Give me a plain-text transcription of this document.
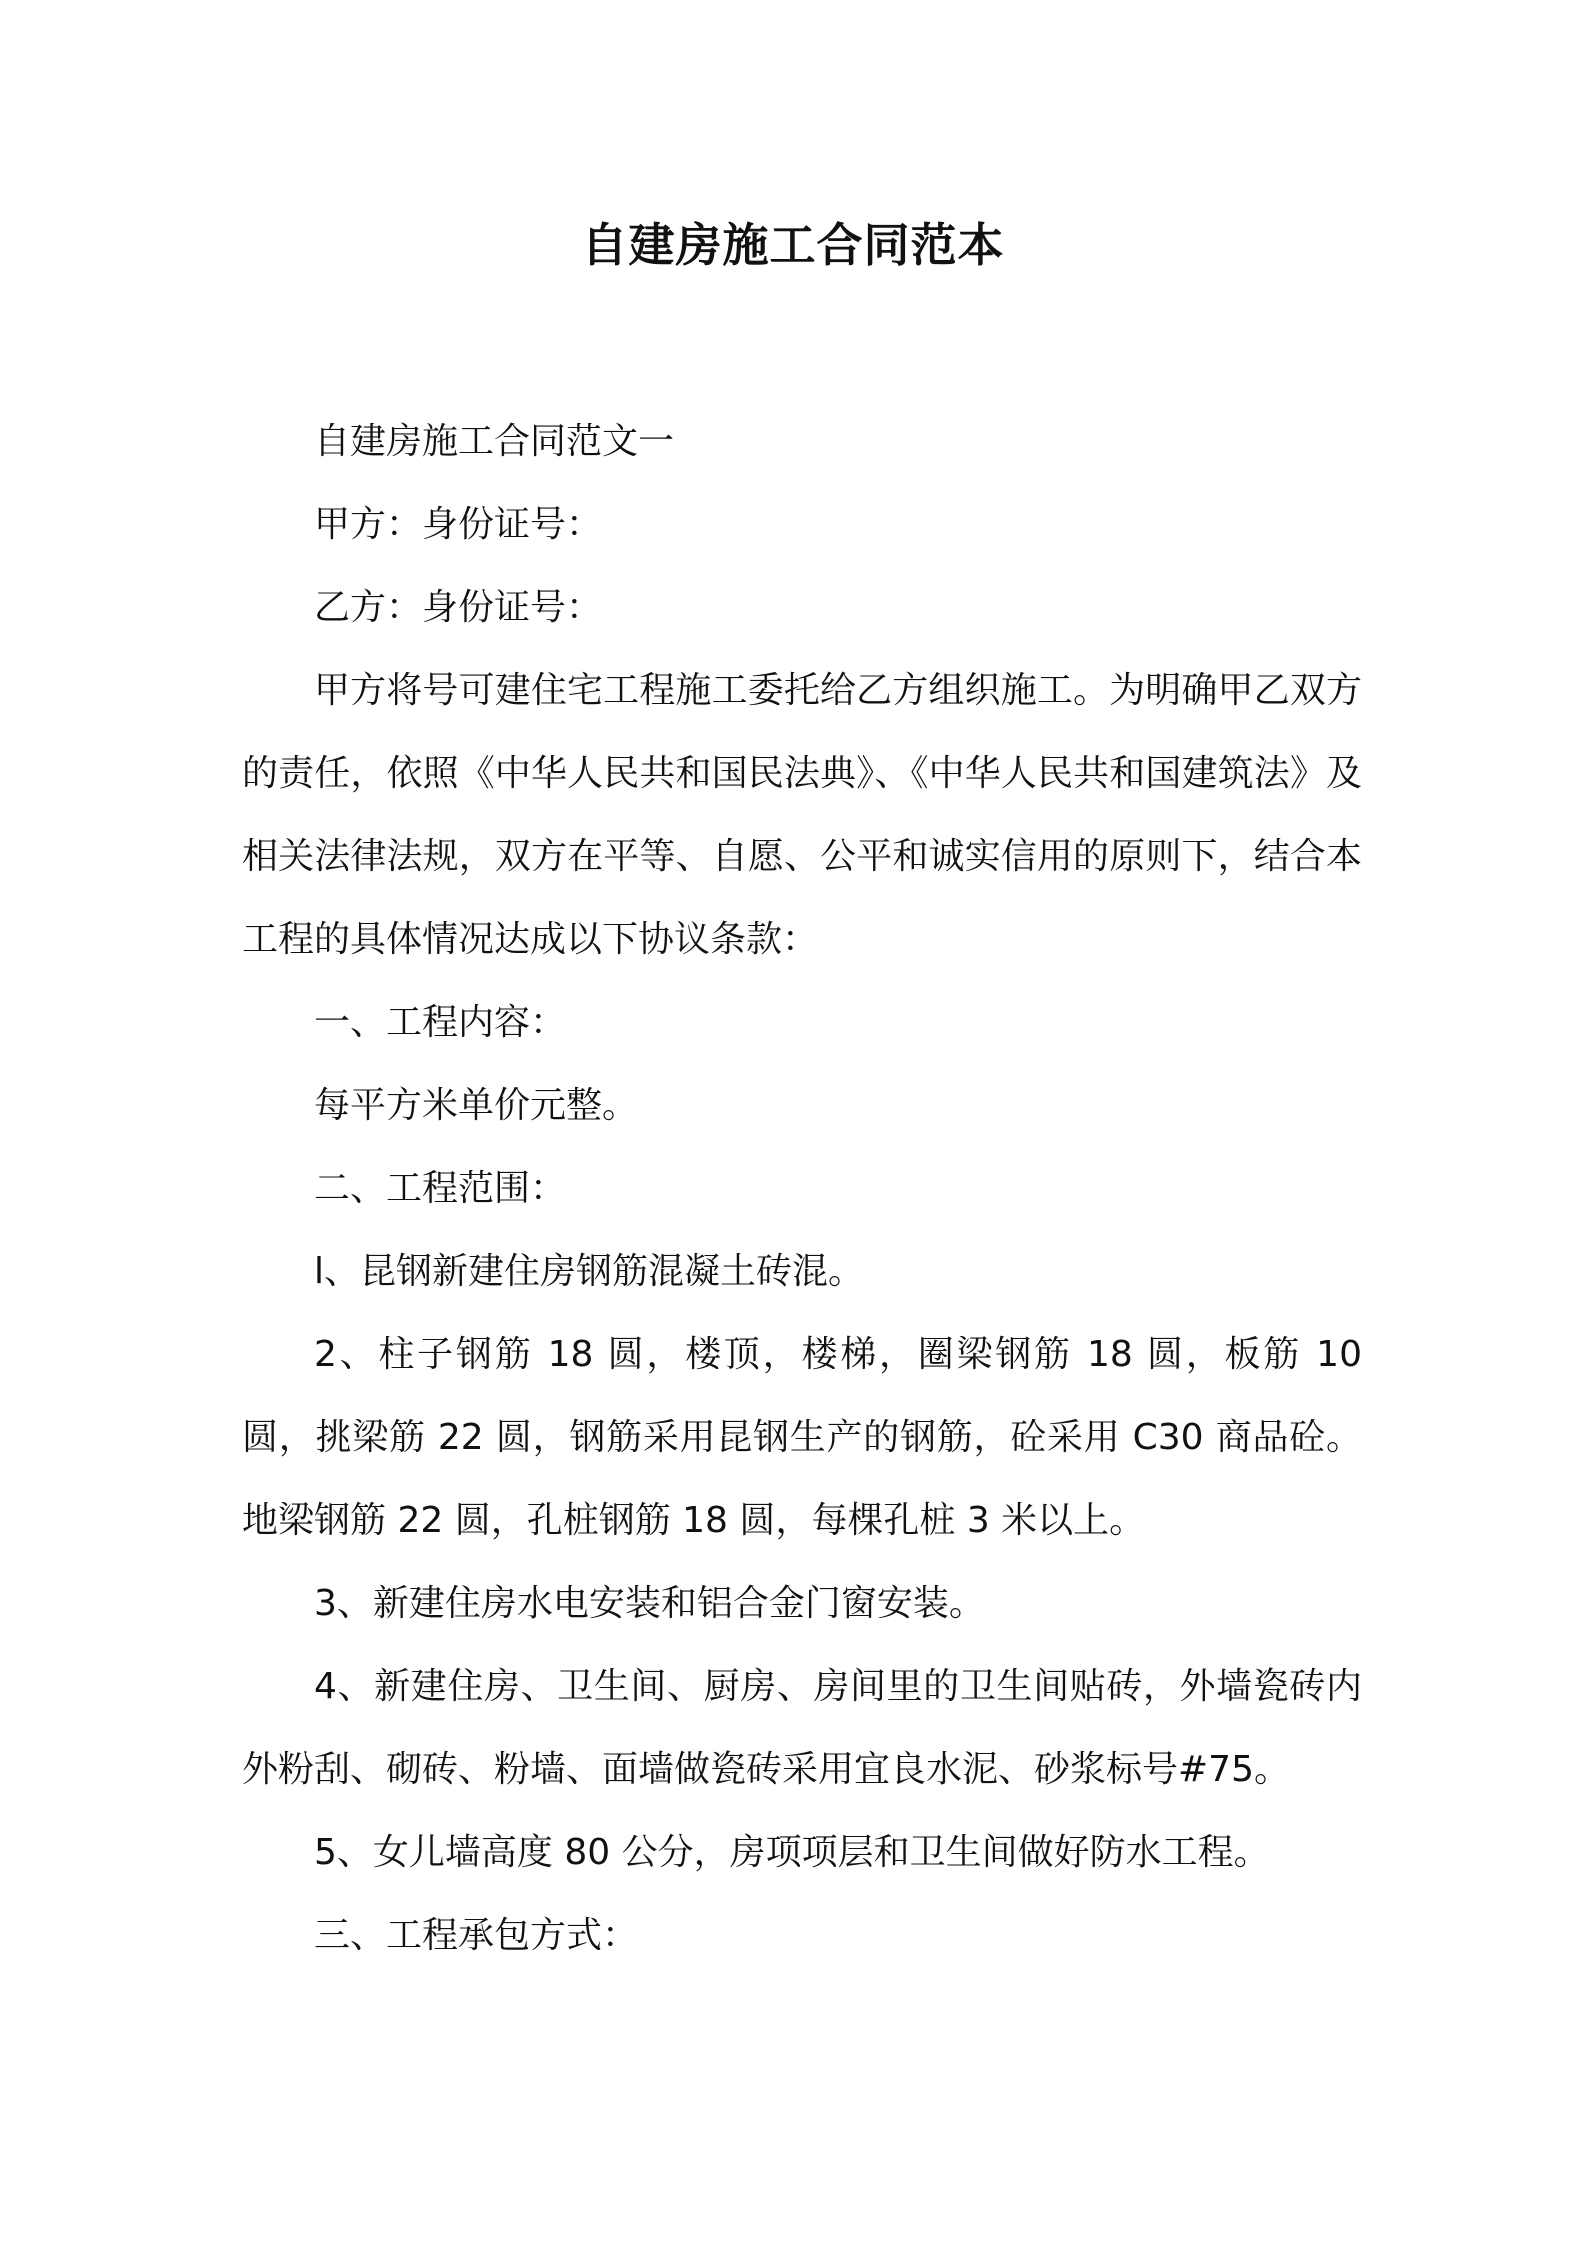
自建房施工合同范本

自建房施工合同范文一

甲方：身份证号：

乙方：身份证号：

甲方将号可建住宅工程施工委托给乙方组织施工。为明确甲乙双方的责任，依照《中华人民共和国民法典》、《中华人民共和国建筑法》及相关法律法规，双方在平等、自愿、公平和诚实信用的原则下，结合本工程的具体情况达成以下协议条款：

一、工程内容：

每平方米单价元整。

二、工程范围：

l、昆钢新建住房钢筋混凝土砖混。

2、柱子钢筋 18 圆，楼顶，楼梯，圈梁钢筋 18 圆，板筋 10 圆，挑梁筋 22 圆，钢筋采用昆钢生产的钢筋，砼采用 C30 商品砼。地梁钢筋 22 圆，孔桩钢筋 18 圆，每棵孔桩 3 米以上。

3、新建住房水电安装和铝合金门窗安装。

4、新建住房、卫生间、厨房、房间里的卫生间贴砖，外墙瓷砖内外粉刮、砌砖、粉墙、面墙做瓷砖采用宜良水泥、砂浆标号#75。

5、女儿墙高度 80 公分，房项项层和卫生间做好防水工程。

三、工程承包方式：
